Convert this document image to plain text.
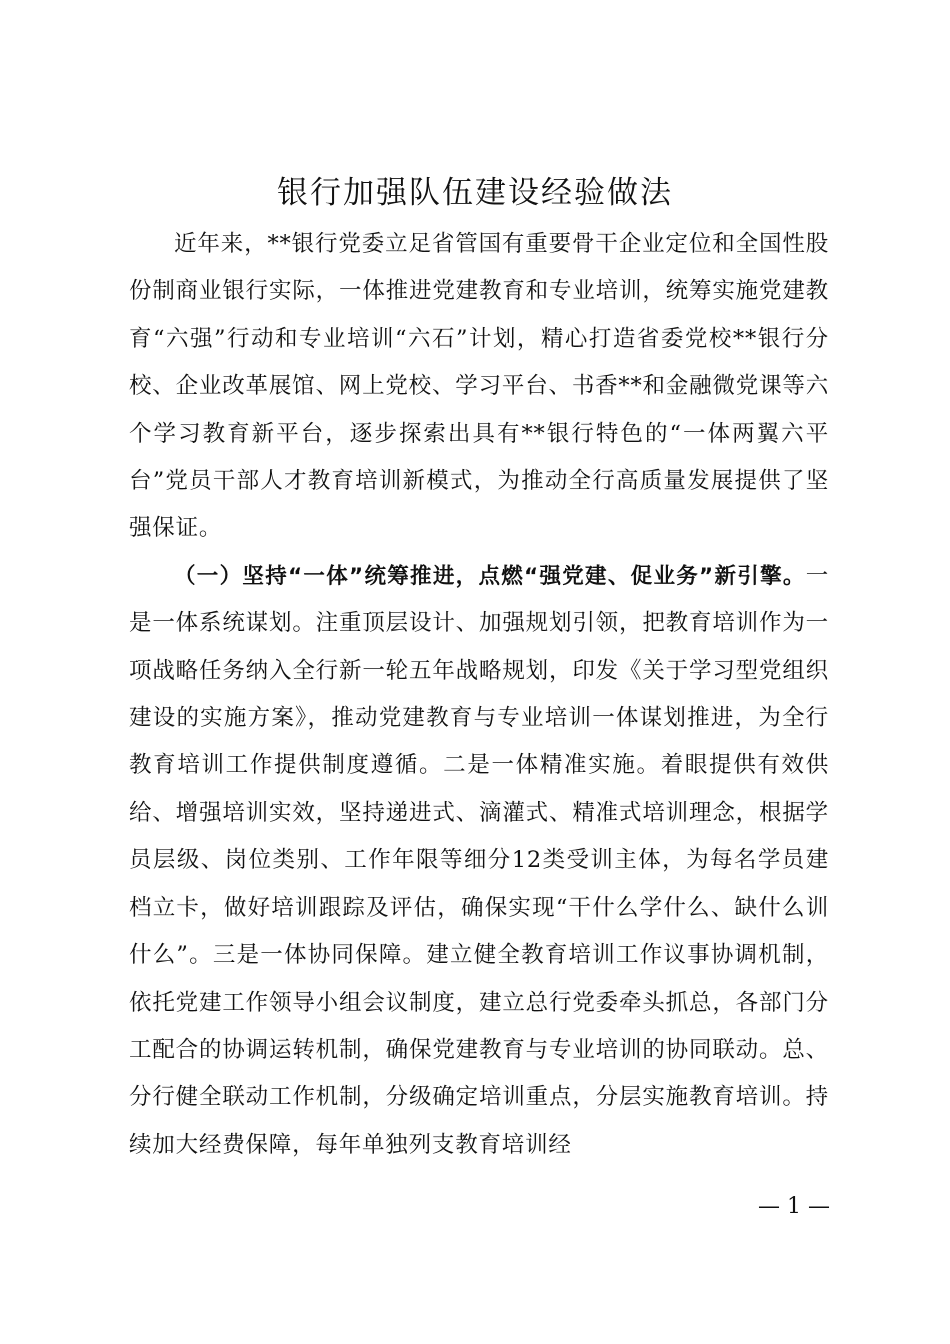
银行加强队伍建设经验做法

近年来，**银行党委立足省管国有重要骨干企业定位和全国性股份制商业银行实际，一体推进党建教育和专业培训，统筹实施党建教育“六强”行动和专业培训“六石”计划，精心打造省委党校**银行分校、企业改革展馆、网上党校、学习平台、书香**和金融微党课等六个学习教育新平台，逐步探索出具有**银行特色的“一体两翼六平台”党员干部人才教育培训新模式，为推动全行高质量发展提供了坚强保证。

（一）坚持“一体”统筹推进，点燃“强党建、促业务”新引擎。一是一体系统谋划。注重顶层设计、加强规划引领，把教育培训作为一项战略任务纳入全行新一轮五年战略规划，印发《关于学习型党组织建设的实施方案》，推动党建教育与专业培训一体谋划推进，为全行教育培训工作提供制度遵循。二是一体精准实施。着眼提供有效供给、增强培训实效，坚持递进式、滴灌式、精准式培训理念，根据学员层级、岗位类别、工作年限等细分12类受训主体，为每名学员建档立卡，做好培训跟踪及评估，确保实现“干什么学什么、缺什么训什么”。三是一体协同保障。建立健全教育培训工作议事协调机制，依托党建工作领导小组会议制度，建立总行党委牵头抓总，各部门分工配合的协调运转机制，确保党建教育与专业培训的协同联动。总、分行健全联动工作机制，分级确定培训重点，分层实施教育培训。持续加大经费保障，每年单独列支教育培训经

— 1 —
